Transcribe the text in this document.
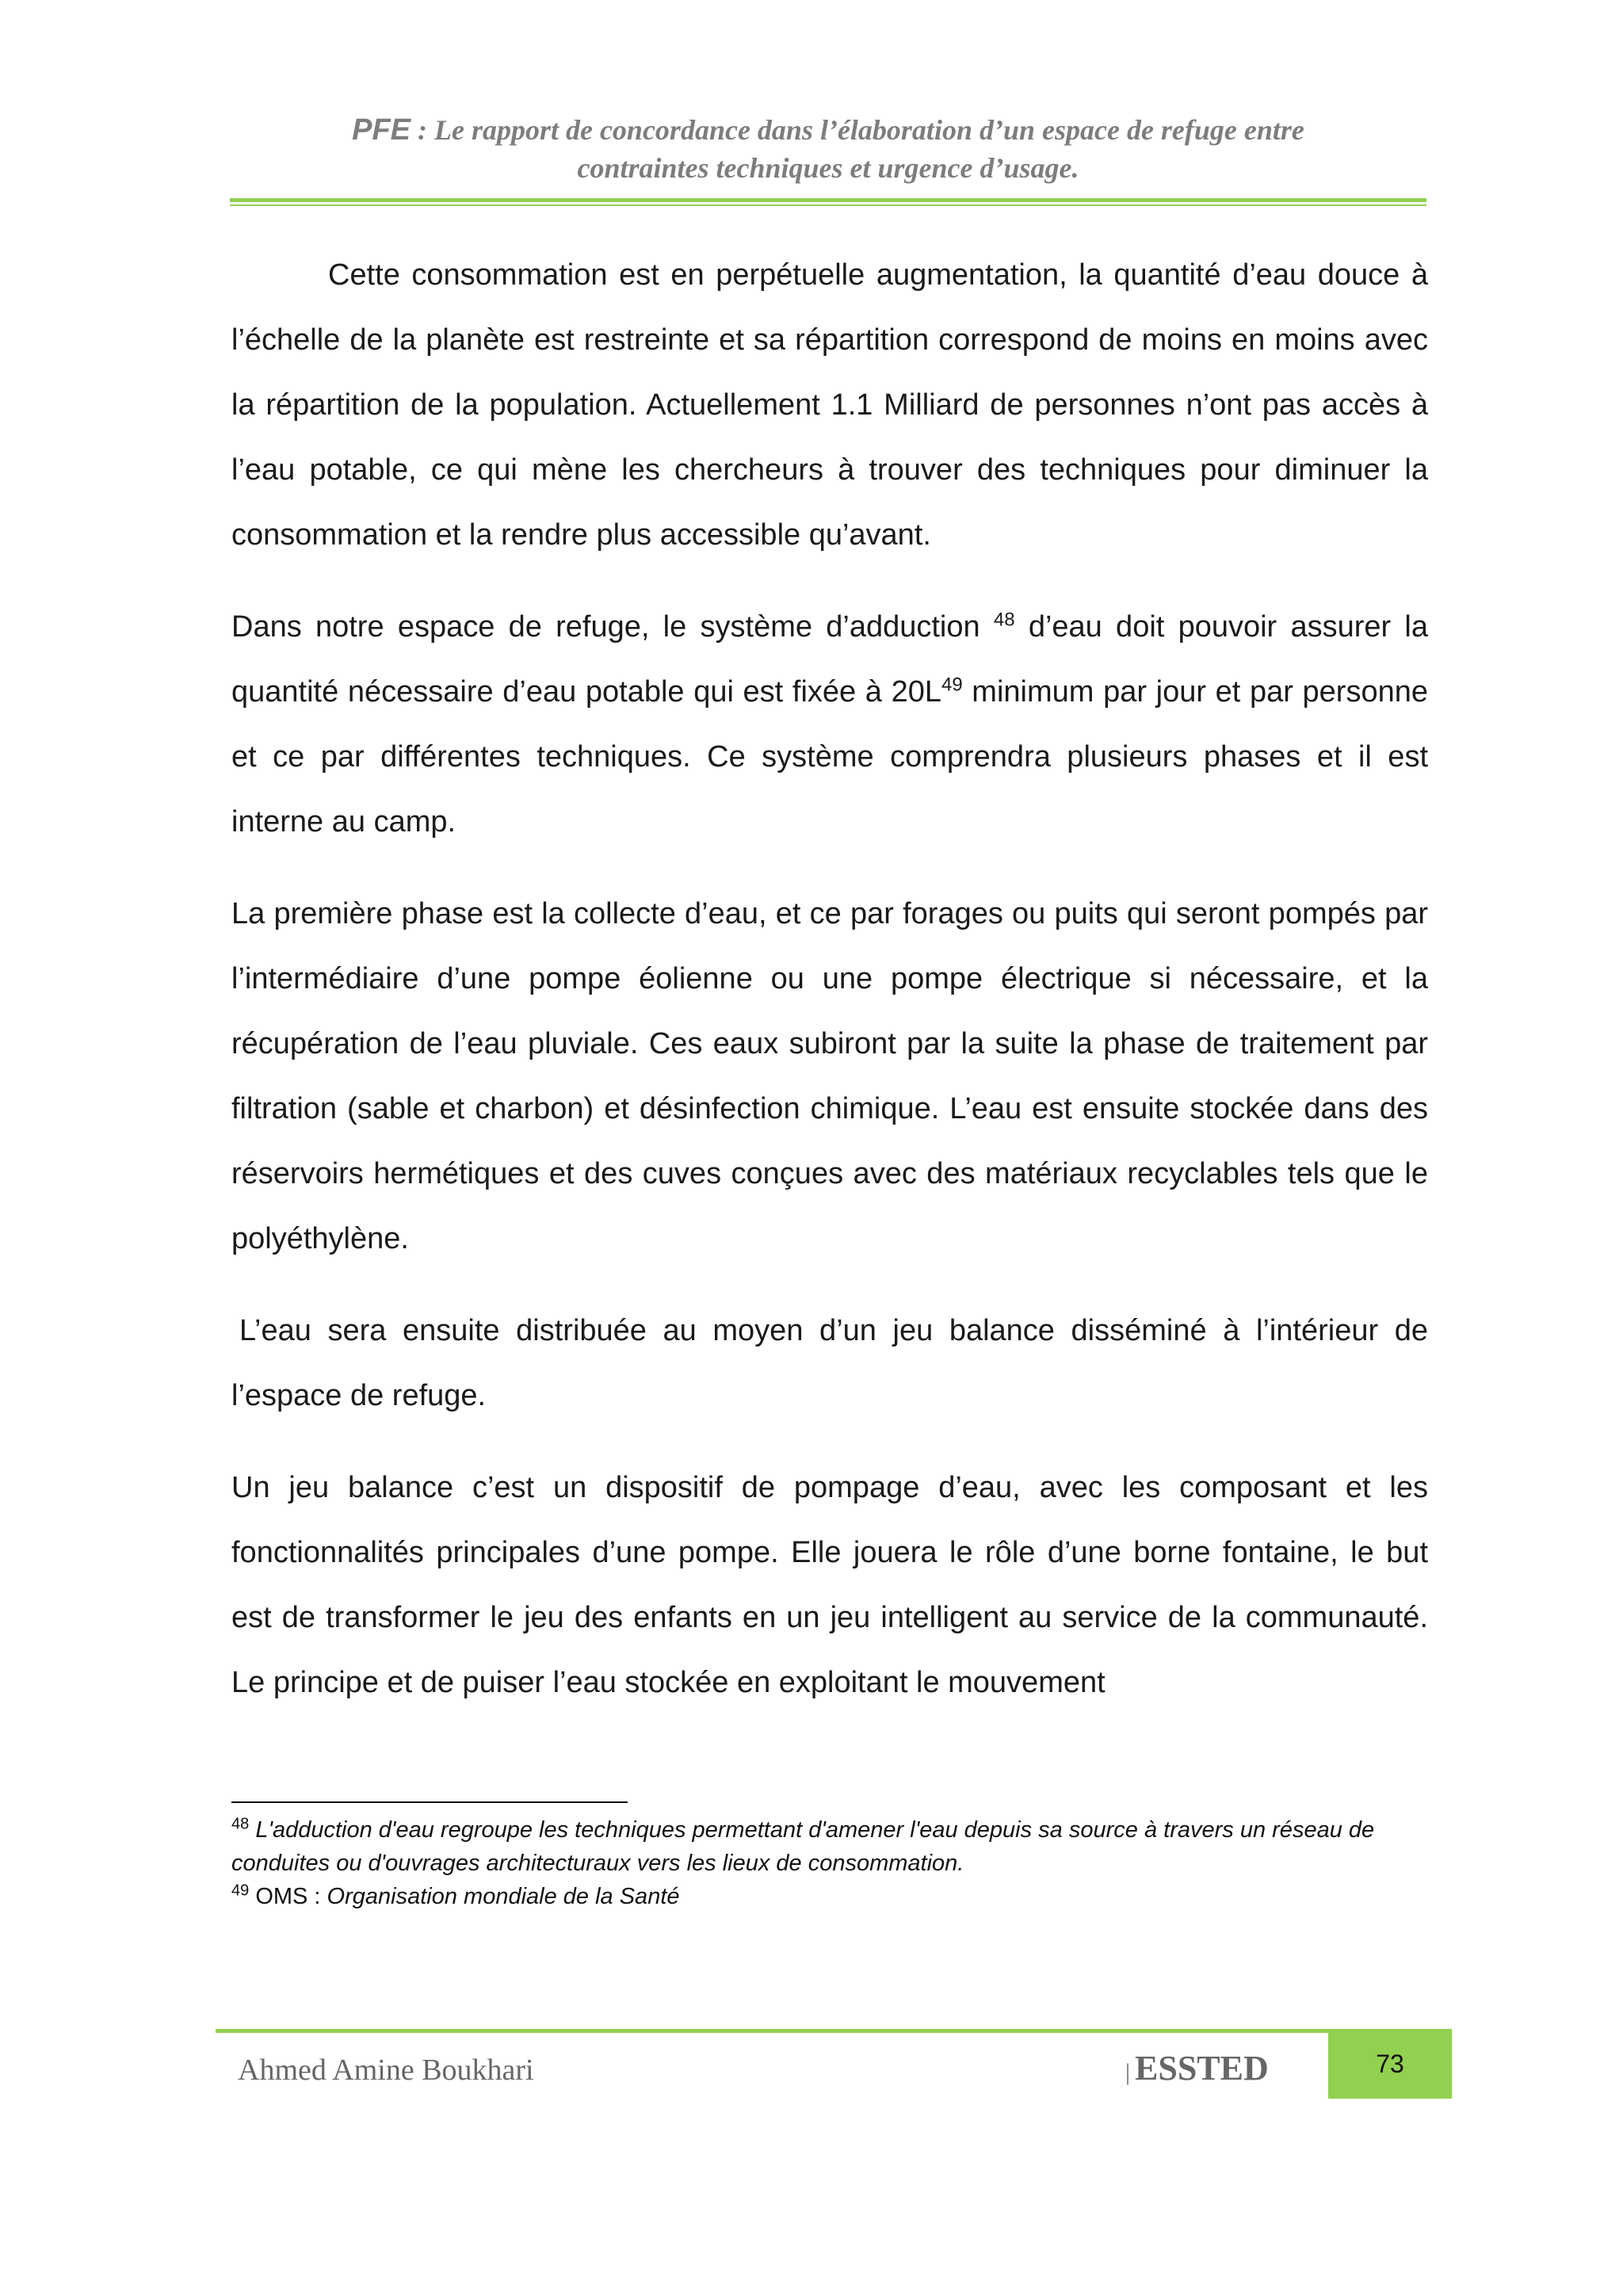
PFE : Le rapport de concordance dans l’élaboration d’un espace de refuge entre
contraintes techniques et urgence d’usage.

Cette consommation est en perpétuelle augmentation, la quantité d’eau douce à l’échelle de la planète est restreinte et sa répartition correspond de moins en moins avec la répartition de la population. Actuellement 1.1 Milliard de personnes n’ont pas accès à l’eau potable, ce qui mène les chercheurs à trouver des techniques pour diminuer la consommation et la rendre plus accessible qu’avant.

Dans notre espace de refuge, le système d’adduction $^{48}$ d’eau doit pouvoir assurer la quantité nécessaire d’eau potable qui est fixée à $20L^{49}$ minimum par jour et par personne et ce par différentes techniques. Ce système comprendra plusieurs phases et il est interne au camp.

La première phase est la collecte d’eau, et ce par forages ou puits qui seront pompés par l’intermédiaire d’une pompe éolienne ou une pompe électrique si nécessaire, et la récupération de l’eau pluviale. Ces eaux subiront par la suite la phase de traitement par filtration (sable et charbon) et désinfection chimique. L’eau est ensuite stockée dans des réservoirs hermétiques et des cuves conçues avec des matériaux recyclables tels que le polyéthylène.

L’eau sera ensuite distribuée au moyen d’un jeu balance disséminé à l’intérieur de l’espace de refuge.

Un jeu balance c’est un dispositif de pompage d’eau, avec les composant et les fonctionnalités principales d’une pompe. Elle jouera le rôle d’une borne fontaine, le but est de transformer le jeu des enfants en un jeu intelligent au service de la communauté. Le principe et de puiser l’eau stockée en exploitant le mouvement

$^{48}$ L'adduction d'eau regroupe les techniques permettant d'amener l'eau depuis sa source à travers un réseau de conduites ou d'ouvrages architecturaux vers les lieux de consommation.

$^{49}$ OMS : Organisation mondiale de la Santé

Ahmed Amine Boukhari	| ESSTED	73
